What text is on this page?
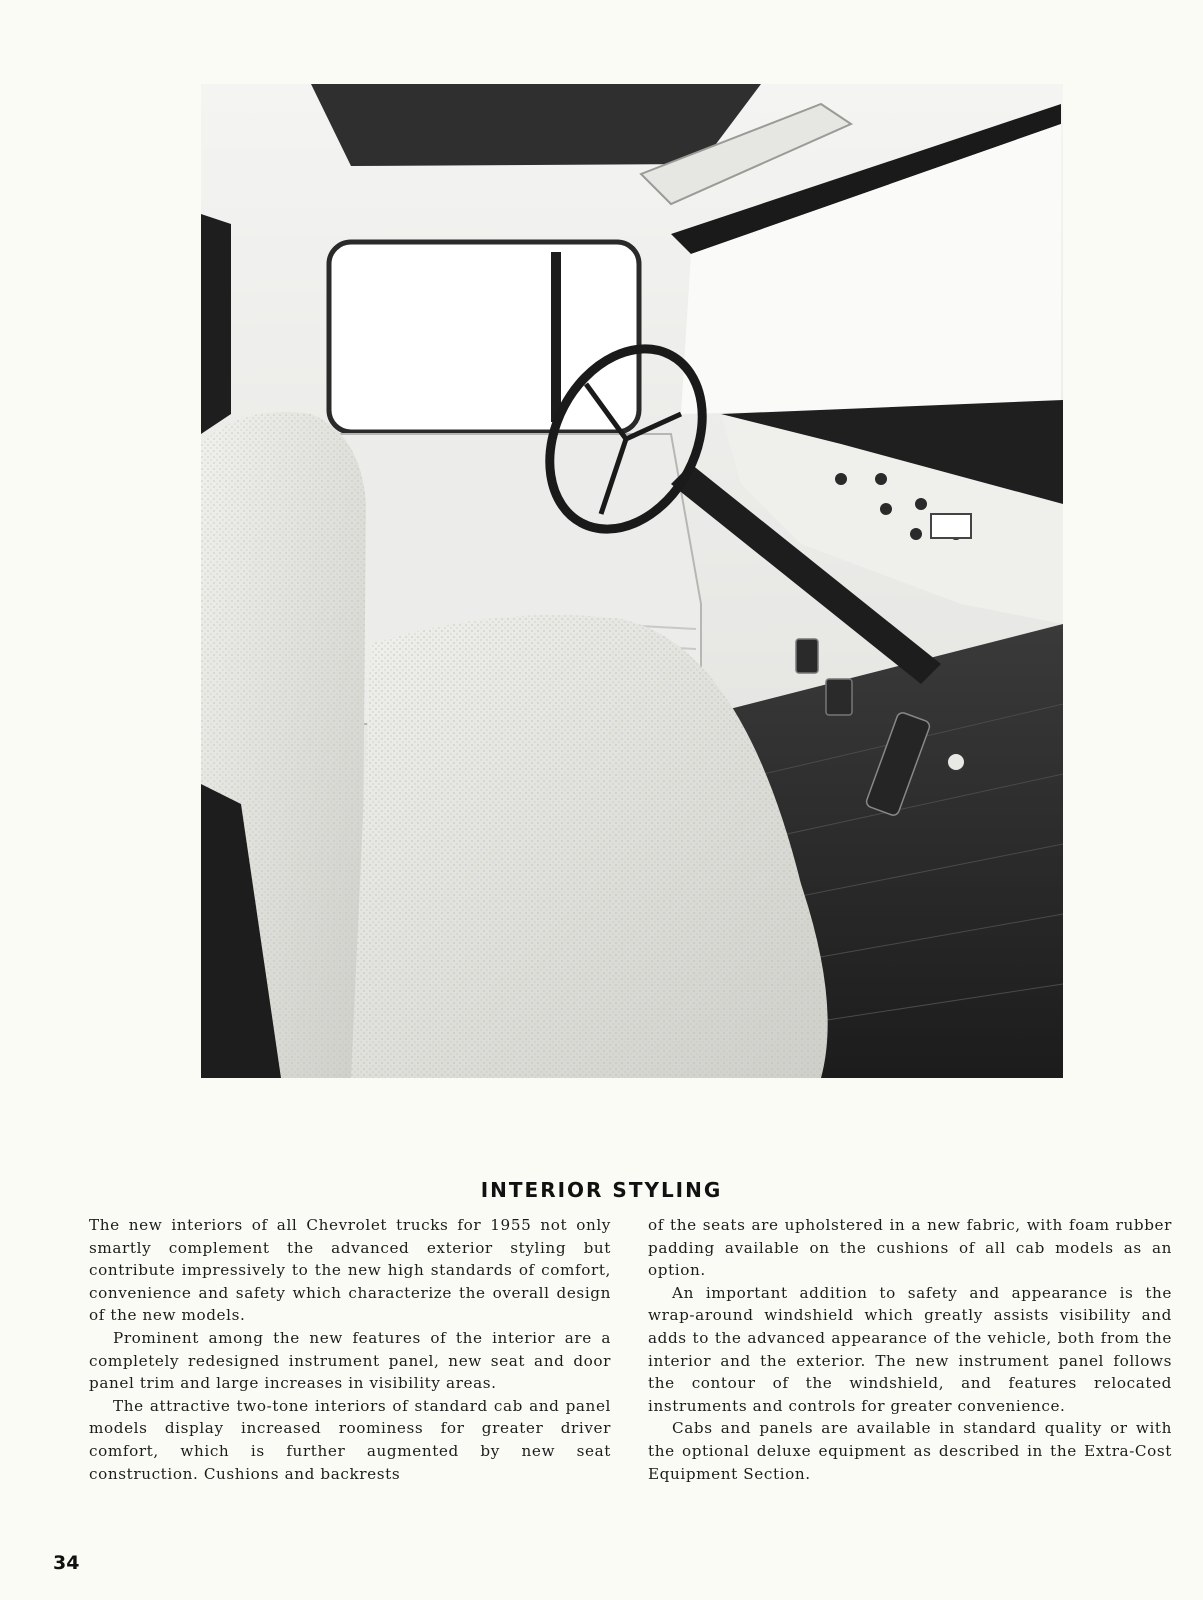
INTERIOR STYLING

The new interiors of all Chevrolet trucks for 1955 not only smartly complement the advanced exterior styling but contribute impressively to the new high standards of comfort, convenience and safety which characterize the overall design of the new models.

Prominent among the new features of the interior are a completely redesigned instrument panel, new seat and door panel trim and large increases in visibility areas.

The attractive two-tone interiors of standard cab and panel models display increased roominess for greater driver comfort, which is further augmented by new seat construction. Cushions and backrests

of the seats are upholstered in a new fabric, with foam rubber padding available on the cushions of all cab models as an option.

An important addition to safety and appearance is the wrap-around windshield which greatly assists visibility and adds to the advanced appearance of the vehicle, both from the interior and the exterior. The new instrument panel follows the contour of the windshield, and features relocated instruments and controls for greater convenience.

Cabs and panels are available in standard quality or with the optional deluxe equipment as described in the Extra-Cost Equipment Section.

34
